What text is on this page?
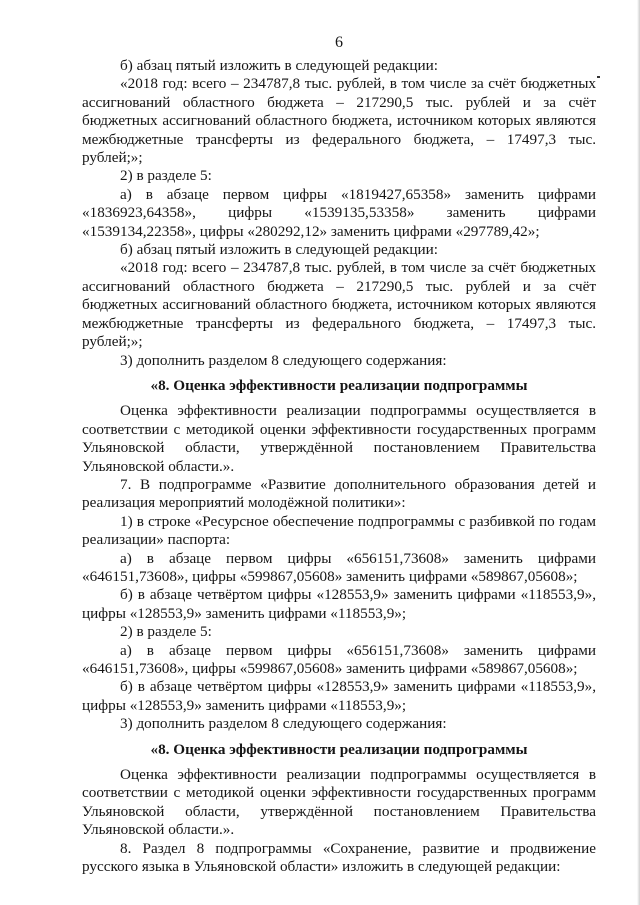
6

б) абзац пятый изложить в следующей редакции:

«2018 год: всего – 234787,8 тыс. рублей, в том числе за счёт бюджетных ассигнований областного бюджета – 217290,5 тыс. рублей и за счёт бюджетных ассигнований областного бюджета, источником которых являются межбюджетные трансферты из федерального бюджета, – 17497,3 тыс. рублей;»;

2) в разделе 5:

а) в абзаце первом цифры «1819427,65358» заменить цифрами «1836923,64358», цифры «1539135,53358» заменить цифрами «1539134,22358», цифры «280292,12» заменить цифрами «297789,42»;

б) абзац пятый изложить в следующей редакции:

«2018 год: всего – 234787,8 тыс. рублей, в том числе за счёт бюджетных ассигнований областного бюджета – 217290,5 тыс. рублей и за счёт бюджетных ассигнований областного бюджета, источником которых являются межбюджетные трансферты из федерального бюджета, – 17497,3 тыс. рублей;»;

3) дополнить разделом 8 следующего содержания:

«8. Оценка эффективности реализации подпрограммы

Оценка эффективности реализации подпрограммы осуществляется в соответствии с методикой оценки эффективности государственных программ Ульяновской области, утверждённой постановлением Правительства Ульяновской области.».

7. В подпрограмме «Развитие дополнительного образования детей и реализация мероприятий молодёжной политики»:

1) в строке «Ресурсное обеспечение подпрограммы с разбивкой по годам реализации» паспорта:

а) в абзаце первом цифры «656151,73608» заменить цифрами «646151,73608», цифры «599867,05608» заменить цифрами «589867,05608»;

б) в абзаце четвёртом цифры «128553,9» заменить цифрами «118553,9», цифры «128553,9» заменить цифрами «118553,9»;

2) в разделе 5:

а) в абзаце первом цифры «656151,73608» заменить цифрами «646151,73608», цифры «599867,05608» заменить цифрами «589867,05608»;

б) в абзаце четвёртом цифры «128553,9» заменить цифрами «118553,9», цифры «128553,9» заменить цифрами «118553,9»;

3) дополнить разделом 8 следующего содержания:

«8. Оценка эффективности реализации подпрограммы

Оценка эффективности реализации подпрограммы осуществляется в соответствии с методикой оценки эффективности государственных программ Ульяновской области, утверждённой постановлением Правительства Ульяновской области.».

8. Раздел 8 подпрограммы «Сохранение, развитие и продвижение русского языка в Ульяновской области» изложить в следующей редакции:
